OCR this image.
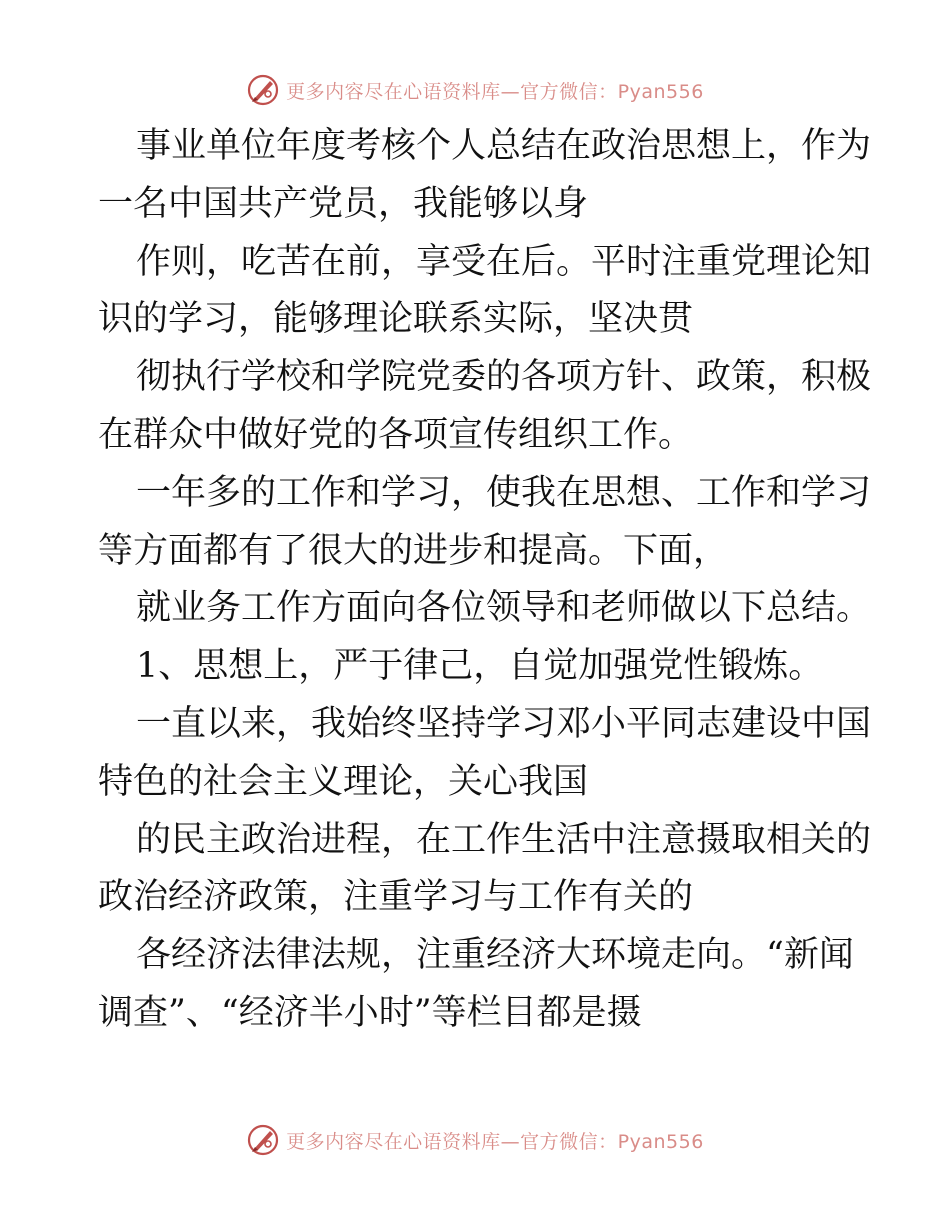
更多内容尽在心语资料库—官方微信：Pyan556
事业单位年度考核个人总结在政治思想上，作为
一名中国共产党员，我能够以身
作则，吃苦在前，享受在后。平时注重党理论知
识的学习，能够理论联系实际，坚决贯
彻执行学校和学院党委的各项方针、政策，积极
在群众中做好党的各项宣传组织工作。
一年多的工作和学习，使我在思想、工作和学习
等方面都有了很大的进步和提高。下面，
就业务工作方面向各位领导和老师做以下总结。
1、思想上，严于律己，自觉加强党性锻炼。
一直以来，我始终坚持学习邓小平同志建设中国
特色的社会主义理论，关心我国
的民主政治进程，在工作生活中注意摄取相关的
政治经济政策，注重学习与工作有关的
各经济法律法规，注重经济大环境走向。“新闻
调查”、“经济半小时”等栏目都是摄
更多内容尽在心语资料库—官方微信：Pyan556
